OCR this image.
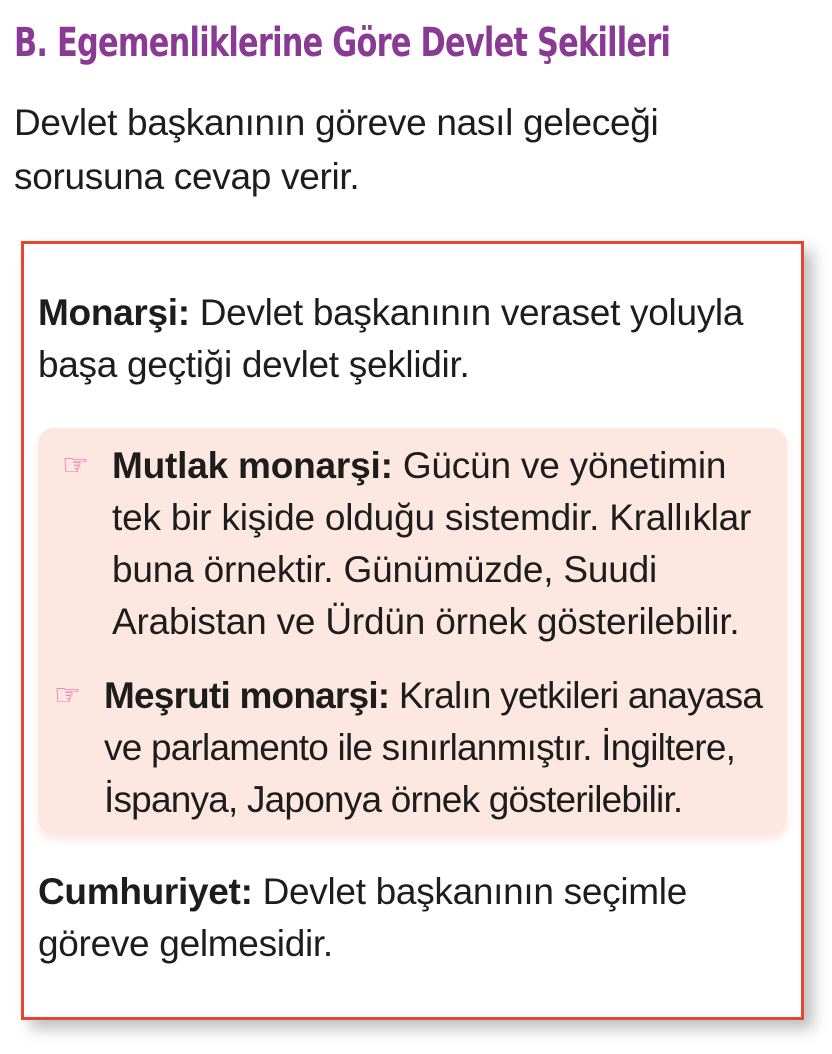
B. Egemenliklerine Göre Devlet Şekilleri

Devlet başkanının göreve nasıl geleceği sorusuna cevap verir.

Monarşi: Devlet başkanının veraset yoluyla başa geçtiği devlet şeklidir.

☞ Mutlak monarşi: Gücün ve yönetimin tek bir kişide olduğu sistemdir. Krallıklar buna örnektir. Günümüzde, Suudi Arabistan ve Ürdün örnek gösterilebilir.
☞ Meşruti monarşi: Kralın yetkileri anayasa ve parlamento ile sınırlanmıştır. İngiltere, İspanya, Japonya örnek gösterilebilir.

Cumhuriyet: Devlet başkanının seçimle göreve gelmesidir.
